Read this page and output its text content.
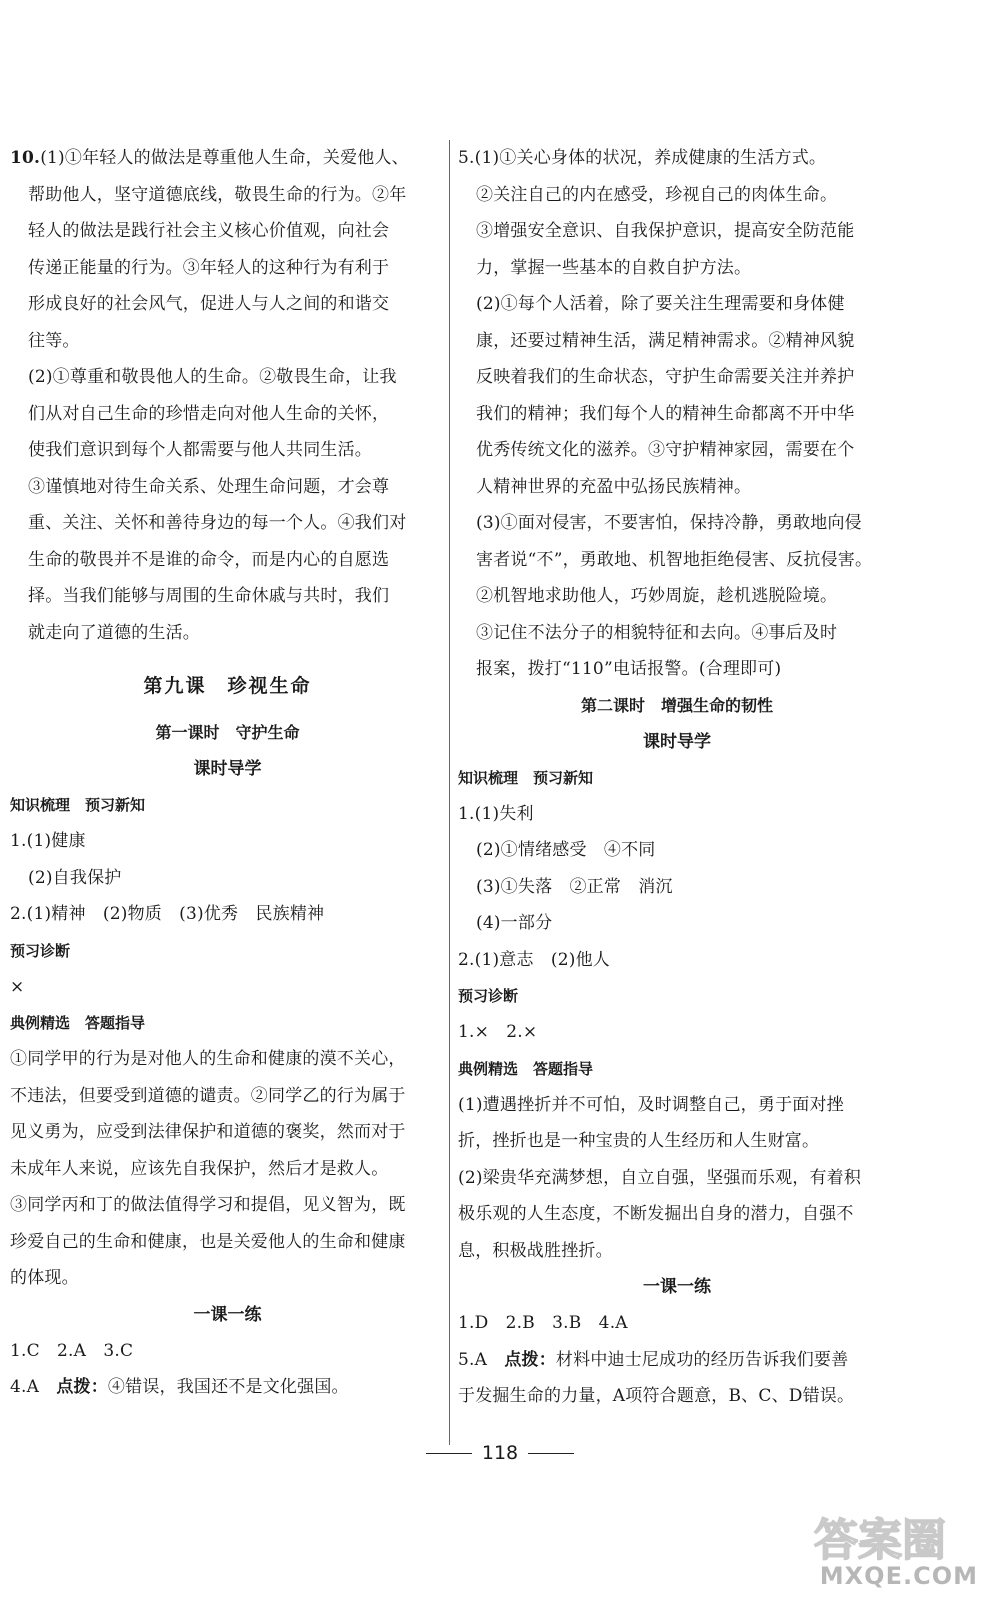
10.(1)①年轻人的做法是尊重他人生命，关爱他人、

帮助他人，坚守道德底线，敬畏生命的行为。②年

轻人的做法是践行社会主义核心价值观，向社会

传递正能量的行为。③年轻人的这种行为有利于

形成良好的社会风气，促进人与人之间的和谐交

往等。

(2)①尊重和敬畏他人的生命。②敬畏生命，让我

们从对自己生命的珍惜走向对他人生命的关怀，

使我们意识到每个人都需要与他人共同生活。

③谨慎地对待生命关系、处理生命问题，才会尊

重、关注、关怀和善待身边的每一个人。④我们对

生命的敬畏并不是谁的命令，而是内心的自愿选

择。当我们能够与周围的生命休戚与共时，我们

就走向了道德的生活。

第九课　珍视生命
第一课时　守护生命
课时导学
知识梳理　预习新知

1.(1)健康

(2)自我保护

2.(1)精神　(2)物质　(3)优秀　民族精神

预习诊断

×

典例精选　答题指导

①同学甲的行为是对他人的生命和健康的漠不关心，

不违法，但要受到道德的谴责。②同学乙的行为属于

见义勇为，应受到法律保护和道德的褒奖，然而对于

未成年人来说，应该先自我保护，然后才是救人。

③同学丙和丁的做法值得学习和提倡，见义智为，既

珍爱自己的生命和健康，也是关爱他人的生命和健康

的体现。

一课一练

1.C　2.A　3.C

4.A　 点拨：④错误，我国还不是文化强国。

5.(1)①关心身体的状况，养成健康的生活方式。

②关注自己的内在感受，珍视自己的肉体生命。

③增强安全意识、自我保护意识，提高安全防范能

力，掌握一些基本的自救自护方法。

(2)①每个人活着，除了要关注生理需要和身体健

康，还要过精神生活，满足精神需求。②精神风貌

反映着我们的生命状态，守护生命需要关注并养护

我们的精神；我们每个人的精神生命都离不开中华

优秀传统文化的滋养。③守护精神家园，需要在个

人精神世界的充盈中弘扬民族精神。

(3)①面对侵害，不要害怕，保持冷静，勇敢地向侵

害者说“不”，勇敢地、机智地拒绝侵害、反抗侵害。

②机智地求助他人，巧妙周旋，趁机逃脱险境。

③记住不法分子的相貌特征和去向。④事后及时

报案，拨打“110”电话报警。(合理即可)

第二课时　增强生命的韧性
课时导学
知识梳理　预习新知

1.(1)失利

(2)①情绪感受　④不同

(3)①失落　②正常　消沉

(4)一部分

2.(1)意志　(2)他人

预习诊断

1.×　2.×

典例精选　答题指导

(1)遭遇挫折并不可怕，及时调整自己，勇于面对挫

折，挫折也是一种宝贵的人生经历和人生财富。

(2)梁贵华充满梦想，自立自强，坚强而乐观，有着积

极乐观的人生态度，不断发掘出自身的潜力，自强不

息，积极战胜挫折。

一课一练

1.D　2.B　3.B　4.A

5.A　 点拨：材料中迪士尼成功的经历告诉我们要善

于发掘生命的力量，A项符合题意，B、C、D错误。

118
答案圈
MXQE.COM
